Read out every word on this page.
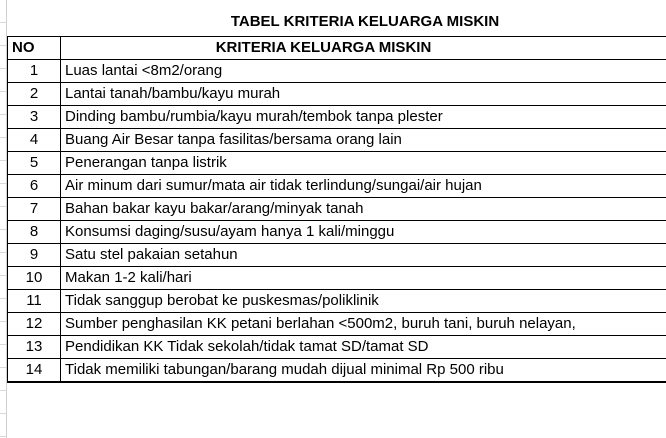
TABEL KRITERIA KELUARGA MISKIN
NO	KRITERIA KELUARGA MISKIN
1	Luas lantai <8m2/orang
2	Lantai tanah/bambu/kayu murah
3	Dinding bambu/rumbia/kayu murah/tembok tanpa plester
4	Buang Air Besar tanpa fasilitas/bersama orang lain
5	Penerangan tanpa listrik
6	Air minum dari sumur/mata air tidak terlindung/sungai/air hujan
7	Bahan bakar kayu bakar/arang/minyak tanah
8	Konsumsi daging/susu/ayam hanya 1 kali/minggu
9	Satu stel pakaian setahun
10	Makan 1-2 kali/hari
11	Tidak sanggup berobat ke puskesmas/poliklinik
12	Sumber penghasilan KK petani berlahan <500m2, buruh tani, buruh nelayan,
13	Pendidikan KK Tidak sekolah/tidak tamat SD/tamat SD
14	Tidak memiliki tabungan/barang mudah dijual minimal Rp 500 ribu
